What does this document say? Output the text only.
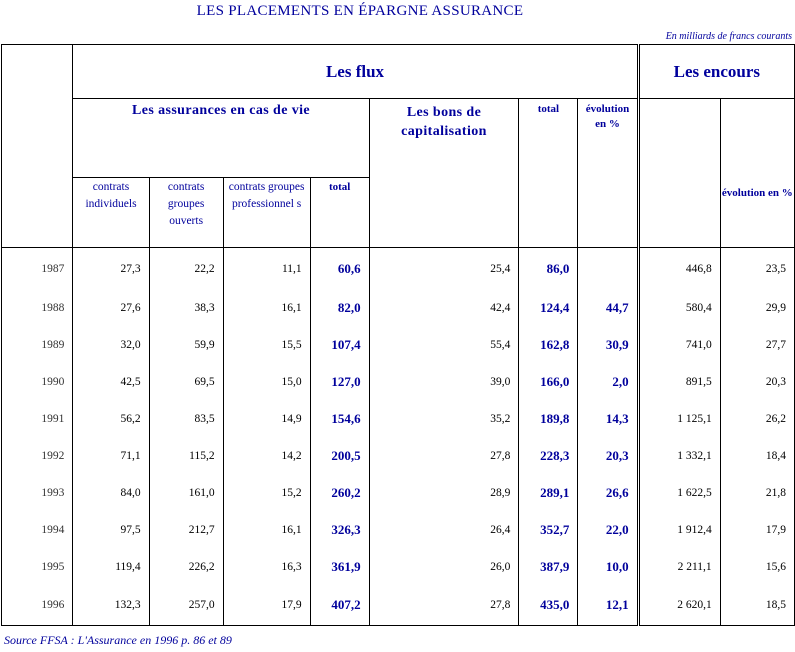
LES PLACEMENTS EN ÉPARGNE ASSURANCE
En milliards de francs courants
	Les flux							Les encours	
	Les assurances en cas de vie				Les bons de capitalisation	total	évolution en %		évolution en %
	contrats individuels	contrats groupes ouverts	contrats groupes professionnel s	total					
1987	27,3	22,2	11,1	60,6	25,4	86,0		446,8	23,5
1988	27,6	38,3	16,1	82,0	42,4	124,4	44,7	580,4	29,9
1989	32,0	59,9	15,5	107,4	55,4	162,8	30,9	741,0	27,7
1990	42,5	69,5	15,0	127,0	39,0	166,0	2,0	891,5	20,3
1991	56,2	83,5	14,9	154,6	35,2	189,8	14,3	1 125,1	26,2
1992	71,1	115,2	14,2	200,5	27,8	228,3	20,3	1 332,1	18,4
1993	84,0	161,0	15,2	260,2	28,9	289,1	26,6	1 622,5	21,8
1994	97,5	212,7	16,1	326,3	26,4	352,7	22,0	1 912,4	17,9
1995	119,4	226,2	16,3	361,9	26,0	387,9	10,0	2 211,1	15,6
1996	132,3	257,0	17,9	407,2	27,8	435,0	12,1	2 620,1	18,5
Source FFSA : L'Assurance en 1996 p. 86 et 89
